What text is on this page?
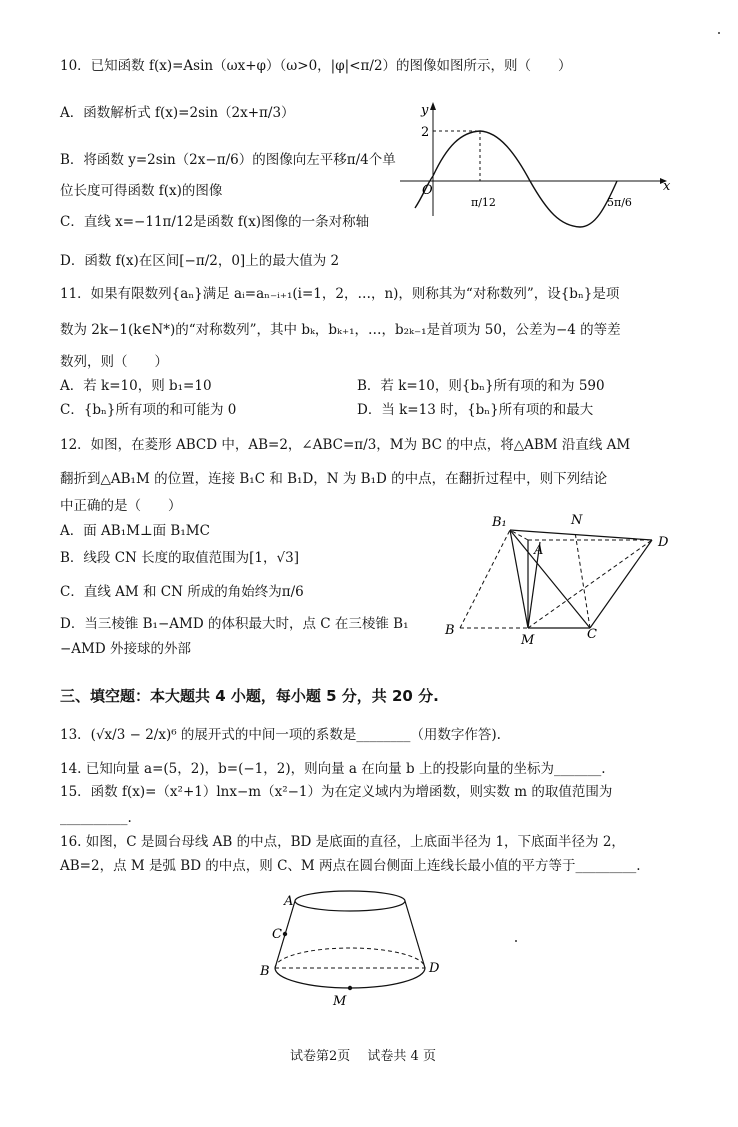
10．已知函数 f(x)=Asin（ωx+φ）（ω>0，|φ|<π/2）的图像如图所示，则（　　）
A．函数解析式 f(x)=2sin（2x+π/3）
B．将函数 y=2sin（2x−π/6）的图像向左平移π/4个单
位长度可得函数 f(x)的图像
C．直线 x=−11π/12是函数 f(x)图像的一条对称轴
D．函数 f(x)在区间[−π/2，0]上的最大值为 2
y
x
O
2
π/12	5π/6
11．如果有限数列{aₙ}满足 aᵢ=aₙ₋ᵢ₊₁(i=1，2，…，n)，则称其为“对称数列”，设{bₙ}是项
数为 2k−1(k∈N*)的“对称数列”，其中 bₖ，bₖ₊₁，…，b₂ₖ₋₁是首项为 50，公差为−4 的等差
数列，则（　　）
A．若 k=10，则 b₁=10	B．若 k=10，则{bₙ}所有项的和为 590
C．{bₙ}所有项的和可能为 0	D．当 k=13 时，{bₙ}所有项的和最大
12．如图，在菱形 ABCD 中，AB=2，∠ABC=π/3，M为 BC 的中点，将△ABM 沿直线 AM
翻折到△AB₁M 的位置，连接 B₁C 和 B₁D，N 为 B₁D 的中点，在翻折过程中，则下列结论
中正确的是（　　）
A．面 AB₁M⊥面 B₁MC
B．线段 CN 长度的取值范围为[1，√3]
C．直线 AM 和 CN 所成的角始终为π/6
D．当三棱锥 B₁−AMD 的体积最大时，点 C 在三棱锥 B₁
−AMD 外接球的外部
B₁	N
A
D
B
M	C
三、填空题：本大题共 4 小题，每小题 5 分，共 20 分.
13．(√x/3 − 2/x)⁶ 的展开式的中间一项的系数是________（用数字作答).
14. 已知向量 a=(5，2)，b=(−1，2)，则向量 a 在向量 b 上的投影向量的坐标为_______.
15．函数 f(x)=（x²+1）lnx−m（x²−1）为在定义域内为增函数，则实数 m 的取值范围为
__________.
16. 如图，C 是圆台母线 AB 的中点，BD 是底面的直径，上底面半径为 1，下底面半径为 2，
AB=2，点 M 是弧 BD 的中点，则 C、M 两点在圆台侧面上连线长最小值的平方等于_________.
A
C
B	D
M
试卷第2页　 试卷共 4 页
